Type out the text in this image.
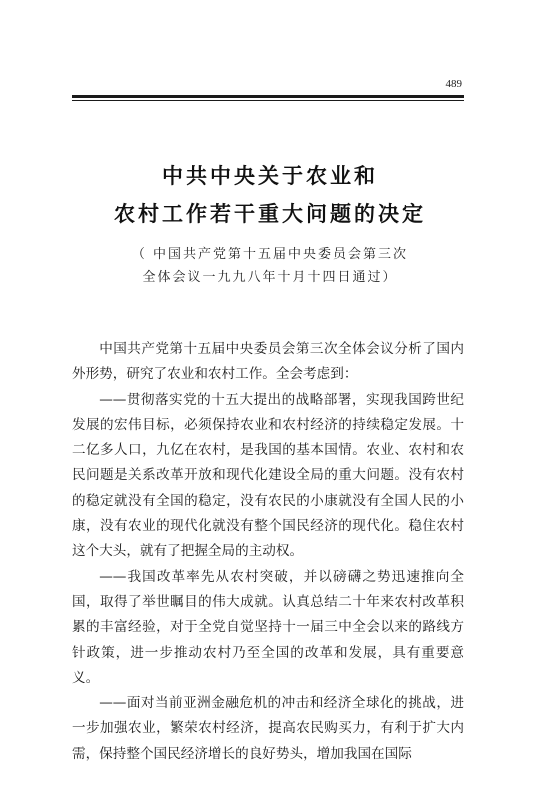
489
中共中央关于农业和
农村工作若干重大问题的决定
（ 中国共产党第十五届中央委员会第三次
全体会议一九九八年十月十四日通过）

中国共产党第十五届中央委员会第三次全体会议分析了国内外形势，研究了农业和农村工作。全会考虑到：

——贯彻落实党的十五大提出的战略部署，实现我国跨世纪发展的宏伟目标，必须保持农业和农村经济的持续稳定发展。十二亿多人口，九亿在农村，是我国的基本国情。农业、农村和农民问题是关系改革开放和现代化建设全局的重大问题。没有农村的稳定就没有全国的稳定，没有农民的小康就没有全国人民的小康，没有农业的现代化就没有整个国民经济的现代化。稳住农村这个大头，就有了把握全局的主动权。

——我国改革率先从农村突破，并以磅礴之势迅速推向全国，取得了举世瞩目的伟大成就。认真总结二十年来农村改革积累的丰富经验，对于全党自觉坚持十一届三中全会以来的路线方针政策，进一步推动农村乃至全国的改革和发展，具有重要意义。

——面对当前亚洲金融危机的冲击和经济全球化的挑战，进一步加强农业，繁荣农村经济，提高农民购买力，有利于扩大内需，保持整个国民经济增长的良好势头，增加我国在国际
